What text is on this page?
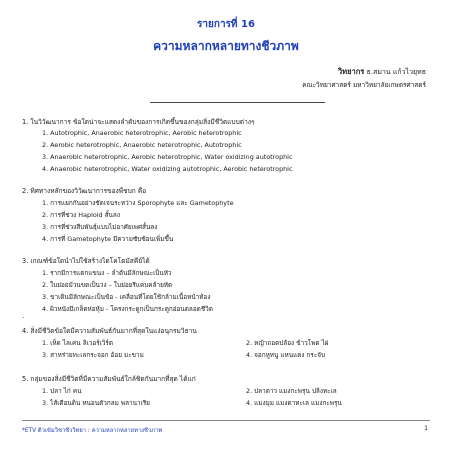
รายการที่ 16
ความหลากหลายทางชีวภาพ
วิทยากร ธ.สมาน แก้วไวยุทธ
คณะวิทยาศาสตร์ มหาวิทยาลัยเกษตรศาสตร์
1. ในวิวัฒนาการ ข้อใดน่าจะแสดงลำดับของการเกิดขึ้นของกลุ่มสิ่งมีชีวิตแบบต่างๆ
1. Autotrophic, Anaerobic heterotrophic, Aerobic heterotrophic
2. Aerobic heterotrophic, Anaerobic heterotrophic, Autotrophic
3. Anaerobic heterotrophic, Aerobic heterotrophic, Water oxidizing autotrophic
4. Anaerobic heterotrophic, Water oxidizing autotrophic, Aerobic heterotrophic
2. ทิศทางหลักของวิวัฒนาการของพืชบก คือ
1. การแยกกันอย่างชัดเจนระหว่าง Sporophyte และ Gametophyte
2. การที่ช่วง Haploid สั้นลง
3. การที่ช่วงสืบพันธุ์แบบไม่อาศัยเพศสั้นลง
4. การที่ Gametophyte มีความซับซ้อนเพิ่มขึ้น
3. เกณฑ์ข้อใดนำไปใช้สร้างไดโคโตมัสคีย์ได้
1. รากมีการแตกแขนง – ลำต้นมีลักษณะเป็นหัว
2. ใบย่อยม้วนขดเป็นวง – ใบย่อยรีแคบคล้ายหัด
3. ขาเดินมีลักษณะเป็นข้อ - เคลื่อนที่โดยใช้กล้ามเนื้อหน้าท้อง
4. ผิวหนังมีเกล็ดห่อหุ้ม - โครงกระดูกเป็นกระดูกอ่อนตลอดชีวิต
.
4. สิ่งมีชีวิตข้อใดมีความสัมพันธ์กันมากที่สุดในแง่อนุกรมวิธาน
1. เห็ด ไลเคน ลิเวอร์เวิร์ต	2. หญ้าถอดปล้อง ข้าวโพด ไผ่
3. สาหร่ายทะเลกระจอก อ้อย มะขาม	4. จอกหูหนู แหนแดง กระจับ
5. กลุ่มของสิ่งมีชีวิตที่มีความสัมพันธ์ใกล้ชิดกันมากที่สุด ได้แก่
1. ปลา ไก่ คน	2. ปลาดาว แมงกะพรุน ปลิงทะเล
3. ไส้เดือนดิน หนอนตัวกลม พลานาเรีย	4. แมงมุม แมงดาทะเล แมงกะพรุน
*ETV ติวเข้มวิชาชีววิทยา : ความหลากหลายทางชีวภาพ	1
